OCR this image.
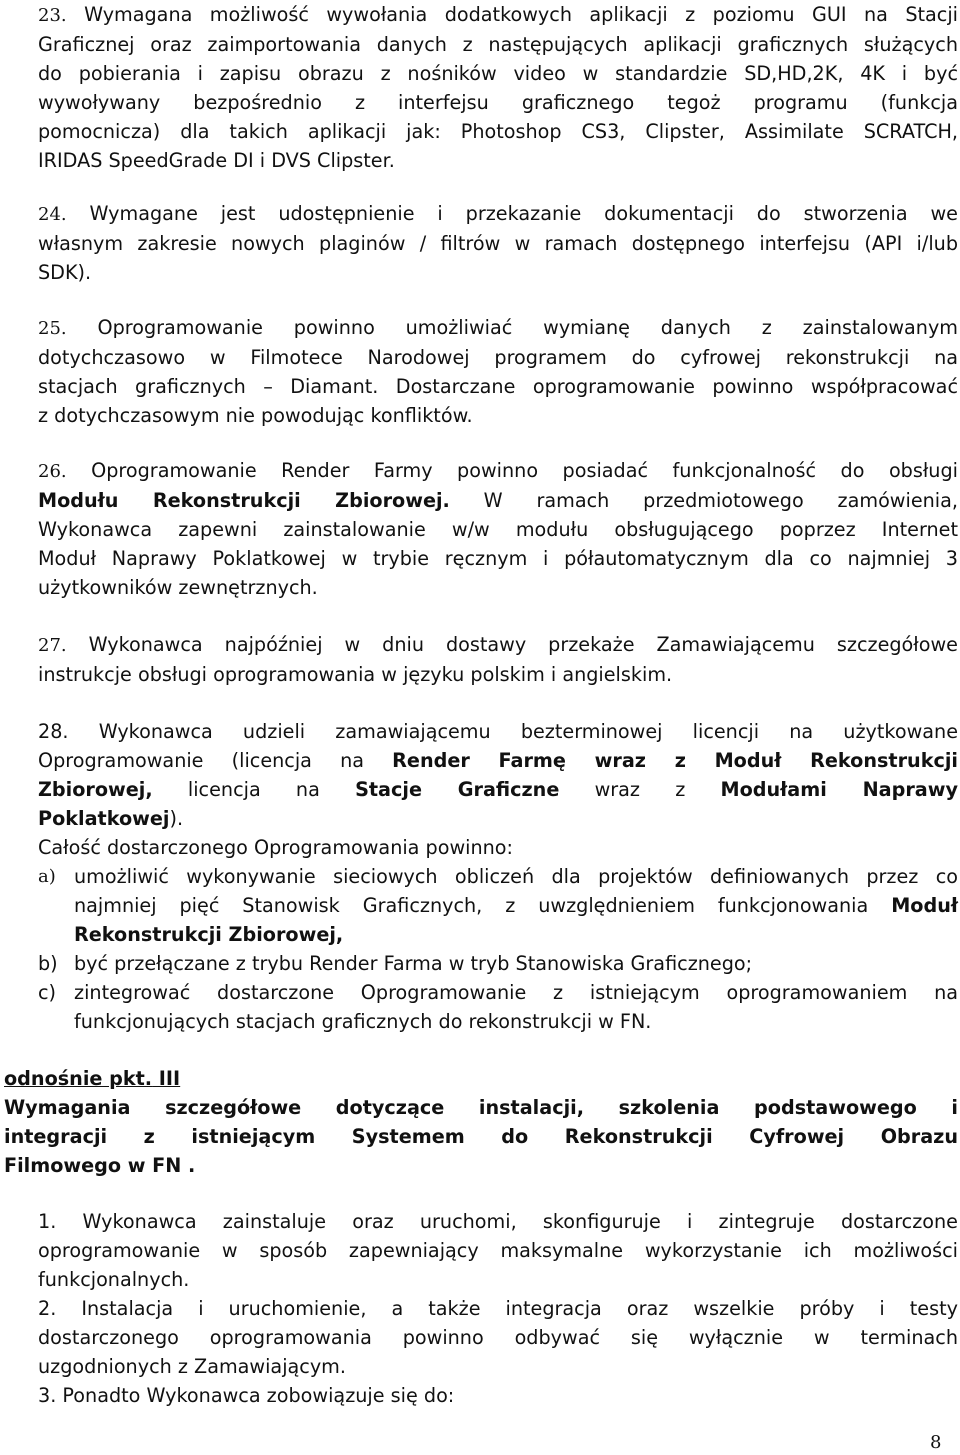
23. Wymagana możliwość wywołania dodatkowych aplikacji z poziomu GUI na Stacji
Graficznej oraz zaimportowania danych z następujących aplikacji graficznych służących
do pobierania i zapisu obrazu z nośników video w standardzie SD,HD,2K, 4K i być
wywoływany bezpośrednio z interfejsu graficznego tegoż programu (funkcja
pomocnicza) dla takich aplikacji jak: Photoshop CS3, Clipster, Assimilate SCRATCH,
IRIDAS SpeedGrade DI i DVS Clipster.
24. Wymagane jest udostępnienie i przekazanie dokumentacji do stworzenia we
własnym zakresie nowych plaginów / filtrów w ramach dostępnego interfejsu (API i/lub
SDK).
25. Oprogramowanie powinno umożliwiać wymianę danych z zainstalowanym
dotychczasowo w Filmotece Narodowej programem do cyfrowej rekonstrukcji na
stacjach graficznych – Diamant. Dostarczane oprogramowanie powinno współpracować
z dotychczasowym nie powodując konfliktów.
26. Oprogramowanie Render Farmy powinno posiadać funkcjonalność do obsługi
Modułu Rekonstrukcji Zbiorowej. W ramach przedmiotowego zamówienia,
Wykonawca zapewni zainstalowanie w/w modułu obsługującego poprzez Internet
Moduł Naprawy Poklatkowej w trybie ręcznym i półautomatycznym dla co najmniej 3
użytkowników zewnętrznych.
27. Wykonawca najpóźniej w dniu dostawy przekaże Zamawiającemu szczegółowe
instrukcje obsługi oprogramowania w języku polskim i angielskim.
28. Wykonawca udzieli zamawiającemu bezterminowej licencji na użytkowane
Oprogramowanie (licencja na Render Farmę wraz z Moduł Rekonstrukcji
Zbiorowej, licencja na Stacje Graficzne wraz z Modułami Naprawy
Poklatkowej).
Całość dostarczonego Oprogramowania powinno:
a) umożliwić wykonywanie sieciowych obliczeń dla projektów definiowanych przez co
najmniej pięć Stanowisk Graficznych, z uwzględnieniem funkcjonowania Moduł
Rekonstrukcji Zbiorowej,
b) być przełączane z trybu Render Farma w tryb Stanowiska Graficznego;
c) zintegrować dostarczone Oprogramowanie z istniejącym oprogramowaniem na
funkcjonujących stacjach graficznych do rekonstrukcji w FN.
odnośnie pkt. III
Wymagania szczegółowe dotyczące instalacji, szkolenia podstawowego i
integracji z istniejącym Systemem do Rekonstrukcji Cyfrowej Obrazu
Filmowego w FN .
1. Wykonawca zainstaluje oraz uruchomi, skonfiguruje i zintegruje dostarczone
oprogramowanie w sposób zapewniający maksymalne wykorzystanie ich możliwości
funkcjonalnych.
2. Instalacja i uruchomienie, a także integracja oraz wszelkie próby i testy
dostarczonego oprogramowania powinno odbywać się wyłącznie w terminach
uzgodnionych z Zamawiającym.
3. Ponadto Wykonawca zobowiązuje się do:
8
